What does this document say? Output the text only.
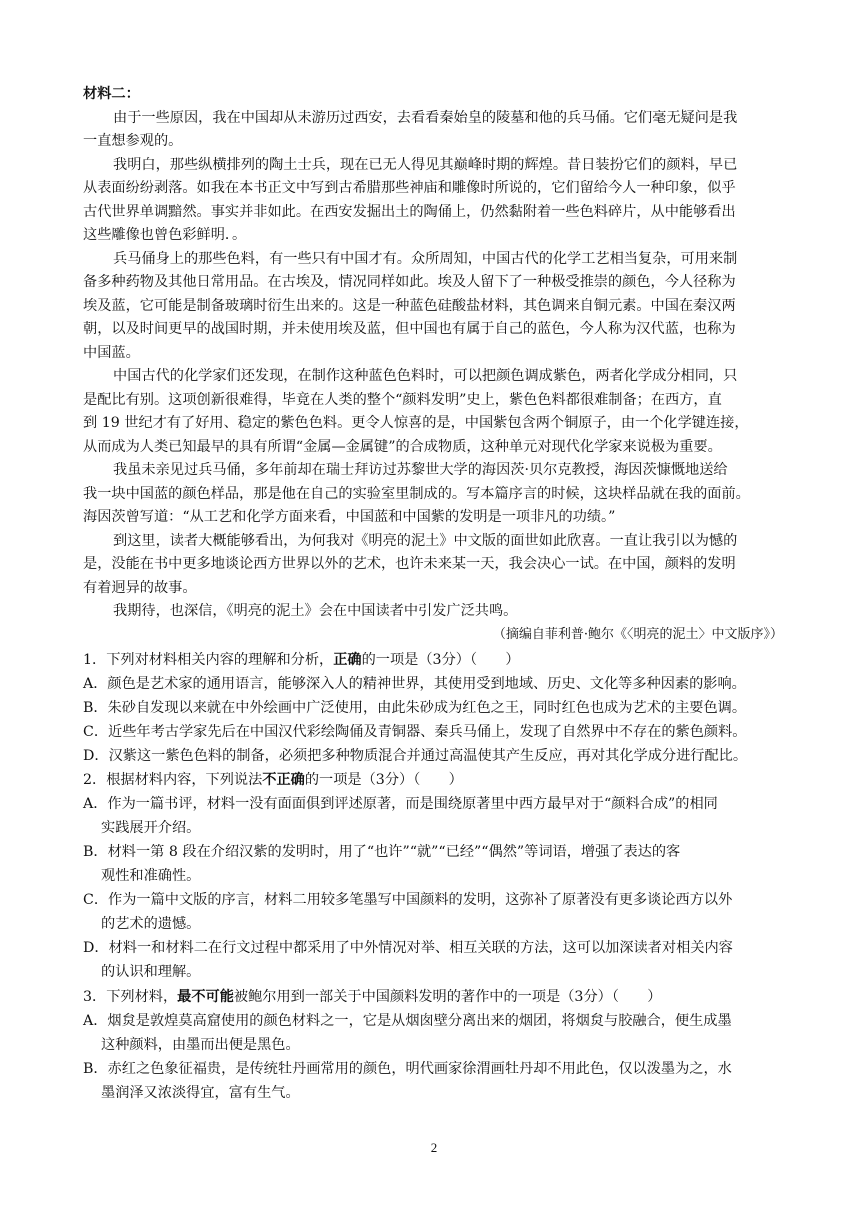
材料二：
由于一些原因，我在中国却从未游历过西安，去看看秦始皇的陵墓和他的兵马俑。它们毫无疑问是我
一直想参观的。
我明白，那些纵横排列的陶土士兵，现在已无人得见其巅峰时期的辉煌。昔日装扮它们的颜料，早已
从表面纷纷剥落。如我在本书正文中写到古希腊那些神庙和雕像时所说的，它们留给今人一种印象，似乎
古代世界单调黯然。事实并非如此。在西安发掘出土的陶俑上，仍然黏附着一些色料碎片，从中能够看出
这些雕像也曾色彩鲜明．。
兵马俑身上的那些色料，有一些只有中国才有。众所周知，中国古代的化学工艺相当复杂，可用来制
备多种药物及其他日常用品。在古埃及，情况同样如此。埃及人留下了一种极受推崇的颜色，今人径称为
埃及蓝，它可能是制备玻璃时衍生出来的。这是一种蓝色硅酸盐材料，其色调来自铜元素。中国在秦汉两
朝，以及时间更早的战国时期，并未使用埃及蓝，但中国也有属于自己的蓝色，今人称为汉代蓝，也称为
中国蓝。
中国古代的化学家们还发现，在制作这种蓝色色料时，可以把颜色调成紫色，两者化学成分相同，只
是配比有别。这项创新很难得，毕竟在人类的整个“颜料发明”史上，紫色色料都很难制备；在西方，直
到 19 世纪才有了好用、稳定的紫色色料。更令人惊喜的是，中国紫包含两个铜原子，由一个化学键连接，
从而成为人类已知最早的具有所谓“金属—金属键”的合成物质，这种单元对现代化学家来说极为重要。
我虽未亲见过兵马俑，多年前却在瑞士拜访过苏黎世大学的海因茨·贝尔克教授，海因茨慷慨地送给
我一块中国蓝的颜色样品，那是他在自己的实验室里制成的。写本篇序言的时候，这块样品就在我的面前。
海因茨曾写道：“从工艺和化学方面来看，中国蓝和中国紫的发明是一项非凡的功绩。”
到这里，读者大概能够看出，为何我对《明亮的泥土》中文版的面世如此欣喜。一直让我引以为憾的
是，没能在书中更多地谈论西方世界以外的艺术，也许未来某一天，我会决心一试。在中国，颜料的发明
有着迥异的故事。
我期待，也深信，《明亮的泥土》会在中国读者中引发广泛共鸣。
（摘编自菲利普·鲍尔《〈明亮的泥土〉中文版序》）
1．下列对材料相关内容的理解和分析，正确的一项是（3分）（　　）
A．颜色是艺术家的通用语言，能够深入人的精神世界，其使用受到地域、历史、文化等多种因素的影响。
B．朱砂自发现以来就在中外绘画中广泛使用，由此朱砂成为红色之王，同时红色也成为艺术的主要色调。
C．近些年考古学家先后在中国汉代彩绘陶俑及青铜器、秦兵马俑上，发现了自然界中不存在的紫色颜料。
D．汉紫这一紫色色料的制备，必须把多种物质混合并通过高温使其产生反应，再对其化学成分进行配比。
2．根据材料内容，下列说法不正确的一项是（3分）（　　）
A．作为一篇书评，材料一没有面面俱到评述原著，而是围绕原著里中西方最早对于“颜料合成”的相同
实践展开介绍。
B．材料一第 8 段在介绍汉紫的发明时，用了“也许”“就”“已经”“偶然”等词语，增强了表达的客
观性和准确性。
C．作为一篇中文版的序言，材料二用较多笔墨写中国颜料的发明，这弥补了原著没有更多谈论西方以外
的艺术的遗憾。
D．材料一和材料二在行文过程中都采用了中外情况对举、相互关联的方法，这可以加深读者对相关内容
的认识和理解。
3．下列材料，最不可能被鲍尔用到一部关于中国颜料发明的著作中的一项是（3分）（　　）
A．烟炱是敦煌莫高窟使用的颜色材料之一，它是从烟囱壁分离出来的烟团，将烟炱与胶融合，便生成墨
这种颜料，由墨而出便是黑色。
B．赤红之色象征福贵，是传统牡丹画常用的颜色，明代画家徐渭画牡丹却不用此色，仅以泼墨为之，水
墨润泽又浓淡得宜，富有生气。
2
